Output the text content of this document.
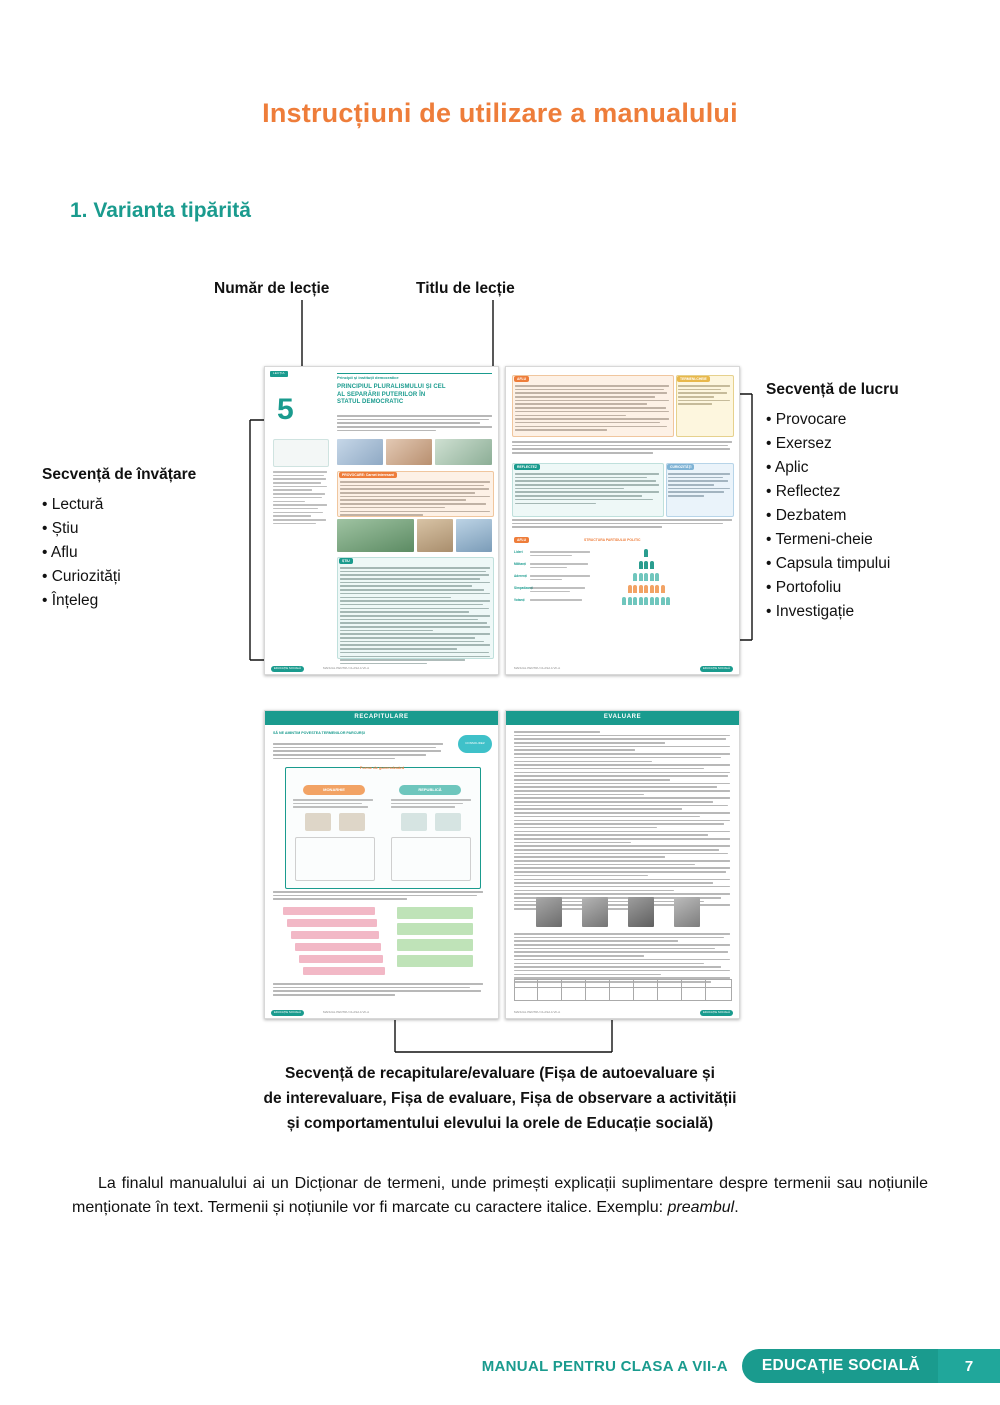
Instrucțiuni de utilizare a manualului
1. Varianta tipărită
Număr de lecție	Titlu de lecție
Secvență de învățare
• Lectură
• Știu
• Aflu
• Curiozități
• Înțeleg
Secvență de lucru
• Provocare
• Exersez
• Aplic
• Reflectez
• Dezbatem
• Termeni-cheie
• Capsula timpului
• Portofoliu
• Investigație
Secvență de recapitulare/evaluare (Fișa de autoevaluare și
de interevaluare, Fișa de evaluare, Fișa de observare a activității
și comportamentului elevului la orele de Educație socială)
LECȚIA
5
Principii și instituții democratice
PRINCIPIUL PLURALISMULUI ȘI CEL
AL SEPARĂRII PUTERILOR ÎN
STATUL DEMOCRATIC
PROVOCARE: Carnet interesant
ȘTIU
EDUCAȚIE SOCIALĂ	MANUAL PENTRU CLASA A VII-A
AFLU	TERMENI-CHEIE
REFLECTEZ	CURIOZITĂȚI
AFLU	STRUCTURA PARTIDULUI POLITIC
Lideri
Militanți
Aderenți
Simpatizanți
Votanți
MANUAL PENTRU CLASA A VII-A	EDUCAȚIE SOCIALĂ
RECAPITULARE
SĂ NE AMINTIM POVESTEA TERMENILOR PARCURȘI
CONSOLIDEZ
Forme de guvernământ
MONARHIE	REPUBLICĂ
EDUCAȚIE SOCIALĂ	MANUAL PENTRU CLASA A VII-A
EVALUARE
MANUAL PENTRU CLASA A VII-A	EDUCAȚIE SOCIALĂ
La finalul manualului ai un Dicționar de termeni, unde primești explicații suplimentare despre termenii sau noțiunile menționate în text. Termenii și noțiunile vor fi marcate cu caractere italice. Exemplu: preambul.
MANUAL PENTRU CLASA A VII-A	EDUCAȚIE SOCIALĂ	7
